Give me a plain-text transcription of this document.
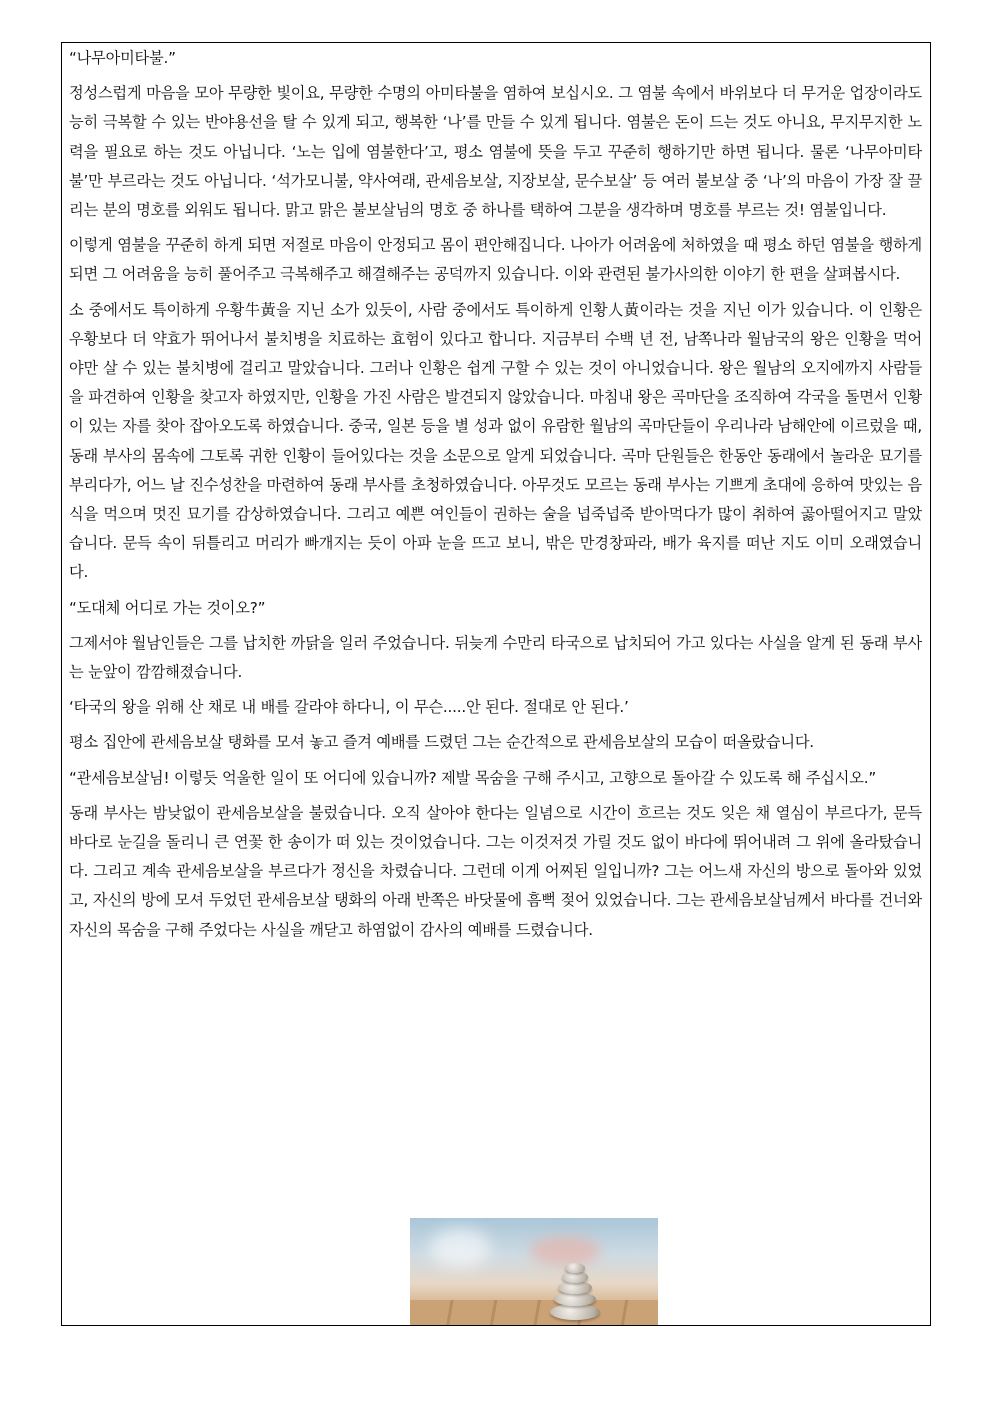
“나무아미타불.”

정성스럽게 마음을 모아 무량한 빛이요, 무량한 수명의 아미타불을 염하여 보십시오. 그 염불 속에서 바위보다 더 무거운 업장이라도 능히 극복할 수 있는 반야용선을 탈 수 있게 되고, 행복한 ‘나’를 만들 수 있게 됩니다. 염불은 돈이 드는 것도 아니요, 무지무지한 노력을 필요로 하는 것도 아닙니다. ‘노는 입에 염불한다’고, 평소 염불에 뜻을 두고 꾸준히 행하기만 하면 됩니다. 물론 ‘나무아미타불’만 부르라는 것도 아닙니다. ‘석가모니불, 약사여래, 관세음보살, 지장보살, 문수보살’ 등 여러 불보살 중 ‘나’의 마음이 가장 잘 끌리는 분의 명호를 외워도 됩니다. 맑고 맑은 불보살님의 명호 중 하나를 택하여 그분을 생각하며 명호를 부르는 것! 염불입니다.

이렇게 염불을 꾸준히 하게 되면 저절로 마음이 안정되고 몸이 편안해집니다. 나아가 어려움에 처하였을 때 평소 하던 염불을 행하게 되면 그 어려움을 능히 풀어주고 극복해주고 해결해주는 공덕까지 있습니다. 이와 관련된 불가사의한 이야기 한 편을 살펴봅시다.

소 중에서도 특이하게 우황牛黃을 지닌 소가 있듯이, 사람 중에서도 특이하게 인황人黃이라는 것을 지닌 이가 있습니다. 이 인황은 우황보다 더 약효가 뛰어나서 불치병을 치료하는 효험이 있다고 합니다. 지금부터 수백 년 전, 남쪽나라 월남국의 왕은 인황을 먹어야만 살 수 있는 불치병에 걸리고 말았습니다. 그러나 인황은 쉽게 구할 수 있는 것이 아니었습니다. 왕은 월남의 오지에까지 사람들을 파견하여 인황을 찾고자 하였지만, 인황을 가진 사람은 발견되지 않았습니다. 마침내 왕은 곡마단을 조직하여 각국을 돌면서 인황이 있는 자를 찾아 잡아오도록 하였습니다. 중국, 일본 등을 별 성과 없이 유람한 월남의 곡마단들이 우리나라 남해안에 이르렀을 때, 동래 부사의 몸속에 그토록 귀한 인황이 들어있다는 것을 소문으로 알게 되었습니다. 곡마 단원들은 한동안 동래에서 놀라운 묘기를 부리다가, 어느 날 진수성찬을 마련하여 동래 부사를 초청하였습니다. 아무것도 모르는 동래 부사는 기쁘게 초대에 응하여 맛있는 음식을 먹으며 멋진 묘기를 감상하였습니다. 그리고 예쁜 여인들이 권하는 술을 넙죽넙죽 받아먹다가 많이 취하여 곯아떨어지고 말았습니다. 문득 속이 뒤틀리고 머리가 빠개지는 듯이 아파 눈을 뜨고 보니, 밖은 만경창파라, 배가 육지를 떠난 지도 이미 오래였습니다.

“도대체 어디로 가는 것이오?”

그제서야 월남인들은 그를 납치한 까닭을 일러 주었습니다. 뒤늦게 수만리 타국으로 납치되어 가고 있다는 사실을 알게 된 동래 부사는 눈앞이 깜깜해졌습니다.

‘타국의 왕을 위해 산 채로 내 배를 갈라야 하다니, 이 무슨.....안 된다. 절대로 안 된다.’

평소 집안에 관세음보살 탱화를 모셔 놓고 즐겨 예배를 드렸던 그는 순간적으로 관세음보살의 모습이 떠올랐습니다.

“관세음보살님! 이렇듯 억울한 일이 또 어디에 있습니까? 제발 목숨을 구해 주시고, 고향으로 돌아갈 수 있도록 해 주십시오.”

동래 부사는 밤낮없이 관세음보살을 불렀습니다. 오직 살아야 한다는 일념으로 시간이 흐르는 것도 잊은 채 열심이 부르다가, 문득 바다로 눈길을 돌리니 큰 연꽃 한 송이가 떠 있는 것이었습니다. 그는 이것저것 가릴 것도 없이 바다에 뛰어내려 그 위에 올라탔습니다. 그리고 계속 관세음보살을 부르다가 정신을 차렸습니다. 그런데 이게 어찌된 일입니까? 그는 어느새 자신의 방으로 돌아와 있었고, 자신의 방에 모셔 두었던 관세음보살 탱화의 아래 반쪽은 바닷물에 흠뻑 젖어 있었습니다. 그는 관세음보살님께서 바다를 건너와 자신의 목숨을 구해 주었다는 사실을 깨닫고 하염없이 감사의 예배를 드렸습니다.
